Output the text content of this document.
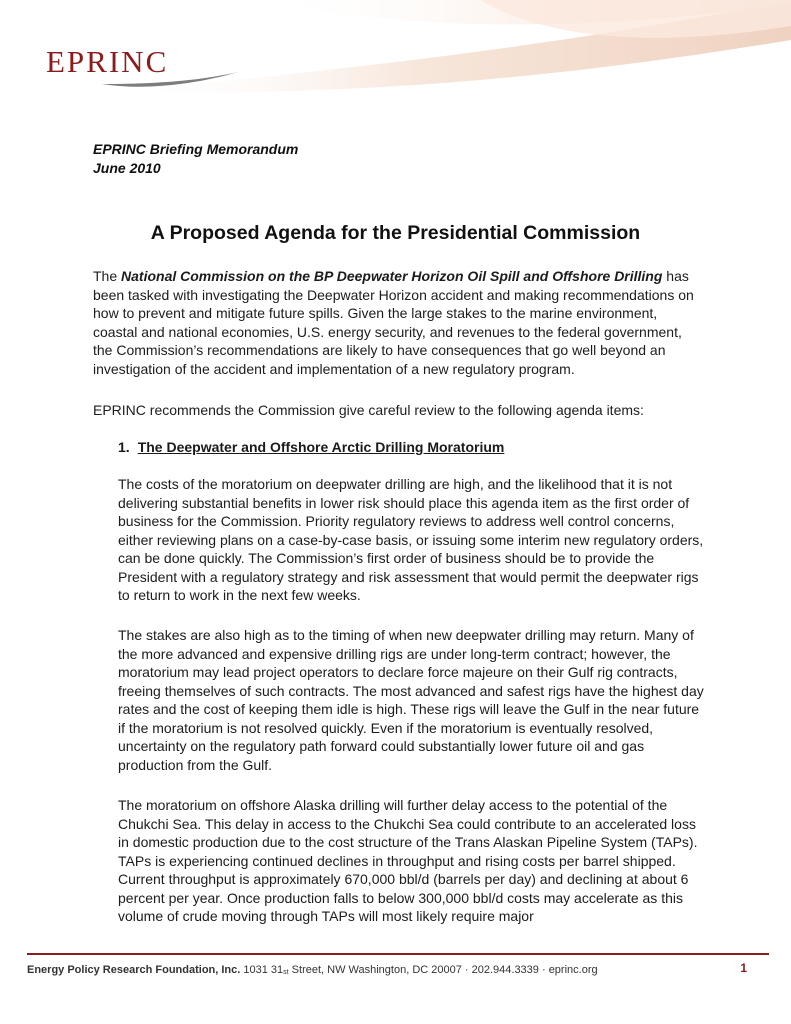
EPRINC
EPRINC Briefing Memorandum
June 2010
A Proposed Agenda for the Presidential Commission
The National Commission on the BP Deepwater Horizon Oil Spill and Offshore Drilling has been tasked with investigating the Deepwater Horizon accident and making recommendations on how to prevent and mitigate future spills. Given the large stakes to the marine environment, coastal and national economies, U.S. energy security, and revenues to the federal government, the Commission’s recommendations are likely to have consequences that go well beyond an investigation of the accident and implementation of a new regulatory program.
EPRINC recommends the Commission give careful review to the following agenda items:
1. The Deepwater and Offshore Arctic Drilling Moratorium
The costs of the moratorium on deepwater drilling are high, and the likelihood that it is not delivering substantial benefits in lower risk should place this agenda item as the first order of business for the Commission. Priority regulatory reviews to address well control concerns, either reviewing plans on a case-by-case basis, or issuing some interim new regulatory orders, can be done quickly. The Commission’s first order of business should be to provide the President with a regulatory strategy and risk assessment that would permit the deepwater rigs to return to work in the next few weeks.
The stakes are also high as to the timing of when new deepwater drilling may return. Many of the more advanced and expensive drilling rigs are under long-term contract; however, the moratorium may lead project operators to declare force majeure on their Gulf rig contracts, freeing themselves of such contracts. The most advanced and safest rigs have the highest day rates and the cost of keeping them idle is high. These rigs will leave the Gulf in the near future if the moratorium is not resolved quickly. Even if the moratorium is eventually resolved, uncertainty on the regulatory path forward could substantially lower future oil and gas production from the Gulf.
The moratorium on offshore Alaska drilling will further delay access to the potential of the Chukchi Sea. This delay in access to the Chukchi Sea could contribute to an accelerated loss in domestic production due to the cost structure of the Trans Alaskan Pipeline System (TAPs). TAPs is experiencing continued declines in throughput and rising costs per barrel shipped. Current throughput is approximately 670,000 bbl/d (barrels per day) and declining at about 6 percent per year. Once production falls to below 300,000 bbl/d costs may accelerate as this volume of crude moving through TAPs will most likely require major
Energy Policy Research Foundation, Inc. 1031 31st Street, NW Washington, DC 20007 · 202.944.3339 · eprinc.org	1
